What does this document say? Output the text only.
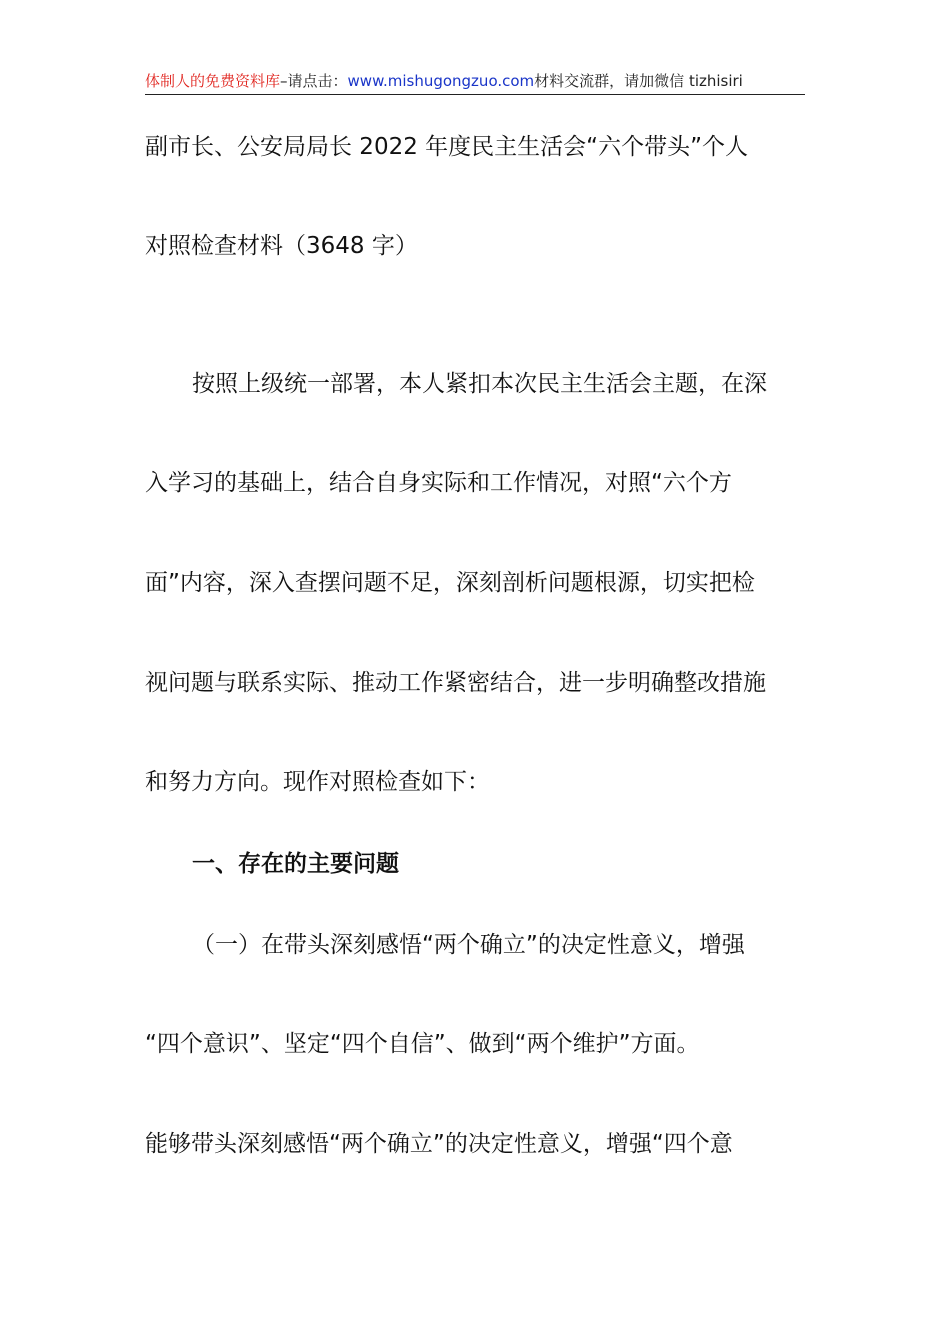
体制人的免费资料库–请点击：www.mishugongzuo.com材料交流群，请加微信 tizhisiri
副市长、公安局局长 2022 年度民主生活会“六个带头”个人
对照检查材料（3648 字）
按照上级统一部署，本人紧扣本次民主生活会主题，在深
入学习的基础上，结合自身实际和工作情况，对照“六个方
面”内容，深入查摆问题不足，深刻剖析问题根源，切实把检
视问题与联系实际、推动工作紧密结合，进一步明确整改措施
和努力方向。现作对照检查如下：
一、存在的主要问题
（一）在带头深刻感悟“两个确立”的决定性意义，增强
“四个意识”、坚定“四个自信”、做到“两个维护”方面。
能够带头深刻感悟“两个确立”的决定性意义，增强“四个意
